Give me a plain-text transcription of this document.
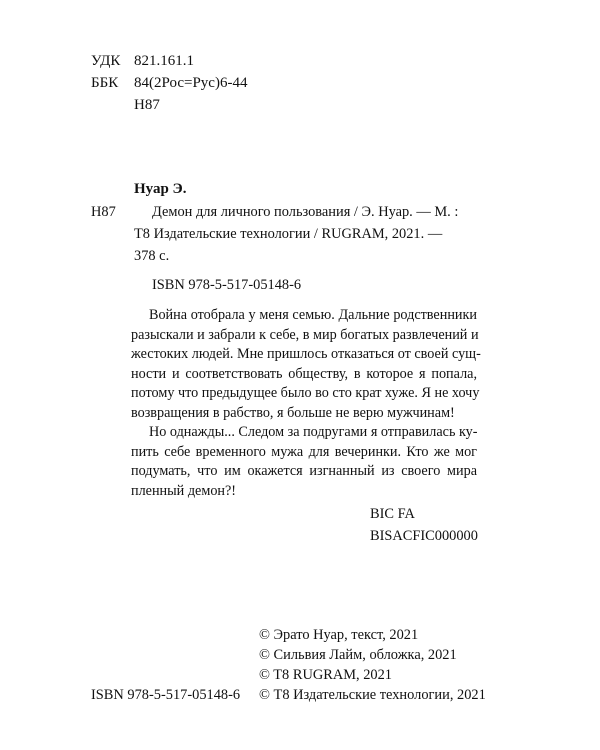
УДК 821.161.1
ББК 84(2Рос=Рус)6-44
Н87
Нуар Э.
Н87	Демон для личного пользования / Э. Нуар. — М. :
Т8 Издательские технологии / RUGRAM, 2021. —
378 с.
ISBN 978-5-517-05148-6
Война отобрала у меня семью. Дальние родственники
разыскали и забрали к себе, в мир богатых развлечений и
жестоких людей. Мне пришлось отказаться от своей сущ-
ности и соответствовать обществу, в которое я попала,
потому что предыдущее было во сто крат хуже. Я не хочу
возвращения в рабство, я больше не верю мужчинам!
Но однажды... Следом за подругами я отправилась ку-
пить себе временного мужа для вечеринки. Кто же мог
подумать, что им окажется изгнанный из своего мира
пленный демон?!
BIC FA
BISACFIC000000
© Эрато Нуар, текст, 2021
© Сильвия Лайм, обложка, 2021
© T8 RUGRAM, 2021
ISBN 978-5-517-05148-6 © Т8 Издательские технологии, 2021
